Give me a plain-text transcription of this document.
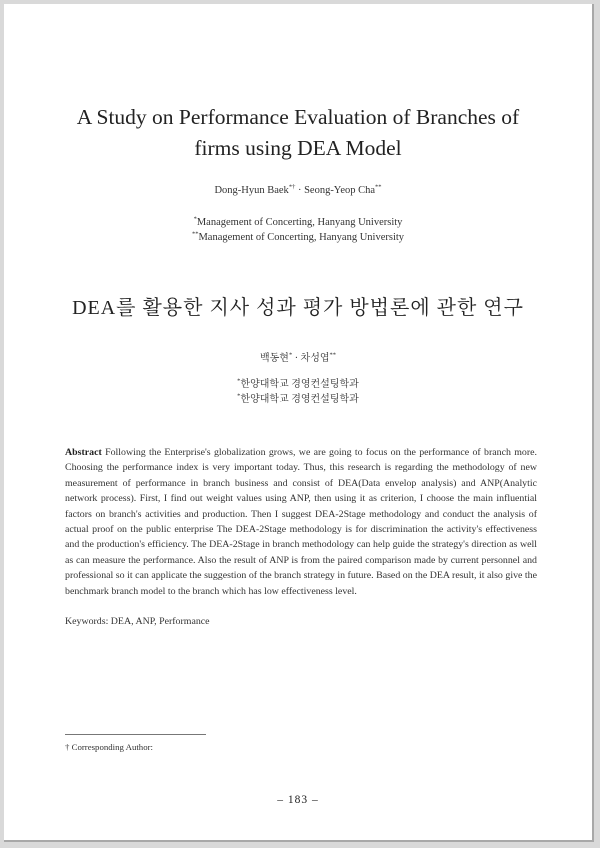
A Study on Performance Evaluation of Branches of
firms using DEA Model
Dong-Hyun Baek*† · Seong-Yeop Cha**
*Management of Concerting, Hanyang University
**Management of Concerting, Hanyang University
DEA를 활용한 지사 성과 평가 방법론에 관한 연구
백동현* · 차성엽**
*한양대학교 경영컨설팅학과
*한양대학교 경영컨설팅학과
Abstract Following the Enterprise's globalization grows, we are going to focus on the performance of branch more. Choosing the performance index is very important today. Thus, this research is regarding the methodology of new measurement of performance in branch business and consist of DEA(Data envelop analysis) and ANP(Analytic network process). First, I find out weight values using ANP, then using it as criterion, I choose the main influential factors on branch's activities and production. Then I suggest DEA-2Stage methodology and conduct the analysis of actual proof on the public enterprise The DEA-2Stage methodology is for discrimination the activity's effectiveness and the production's efficiency. The DEA-2Stage in branch methodology can help guide the strategy's direction as well as can measure the performance. Also the result of ANP is from the paired comparison made by current personnel and professional so it can applicate the suggestion of the branch strategy in future. Based on the DEA result, it also give the benchmark branch model to the branch which has low effectiveness level.
Keywords: DEA, ANP, Performance
† Corresponding Author:
– 183 –
